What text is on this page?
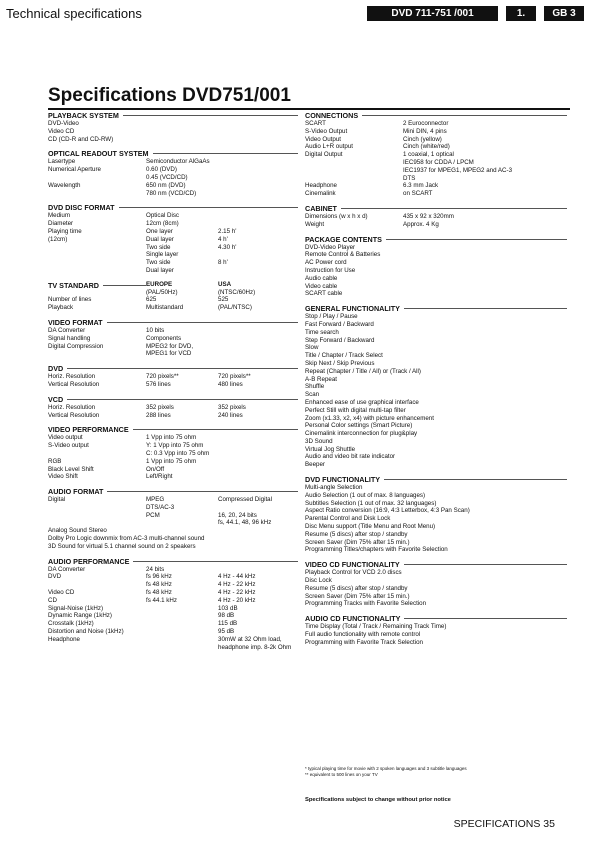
Technical specifications	DVD 711-751 /001	1.	GB 3
Specifications DVD751/001
PLAYBACK SYSTEM
DVD-Video
Video CD
CD (CD-R and CD-RW)
OPTICAL READOUT SYSTEM
Lasertype	Semiconductor AlGaAs
Numerical Aperture	0.60 (DVD)
0.45 (VCD/CD)
Wavelength	650 nm (DVD)
780 nm (VCD/CD)
DVD DISC FORMAT
Medium	Optical Disc
Diameter	12cm (8cm)
Playing time	One layer	2.15 h'
(12cm)	Dual layer	4 h'
Two side	4.30 h'
Single layer
Two side	8 h'
Dual layer
TV STANDARD	EUROPE	USA
(PAL/50Hz)	(NTSC/60Hz)
Number of lines	625	525
Playback	Multistandard	(PAL/NTSC)
VIDEO FORMAT
DA Converter	10 bits
Signal handling	Components
Digital Compression	MPEG2 for DVD,
MPEG1 for VCD
DVD
Horiz. Resolution	720 pixels**	720 pixels**
Vertical Resolution	576 lines	480 lines
VCD
Horiz. Resolution	352 pixels	352 pixels
Vertical Resolution	288 lines	240 lines
VIDEO PERFORMANCE
Video output	1 Vpp into 75 ohm
S-Video output	Y: 1 Vpp into 75 ohm
C: 0.3 Vpp into 75 ohm
RGB	1 Vpp into 75 ohm
Black Level Shift	On/Off
Video Shift	Left/Right
AUDIO FORMAT
Digital	MPEG	Compressed Digital
DTS/AC-3
PCM	16, 20, 24 bits
fs, 44.1, 48, 96 kHz
Analog Sound Stereo
Dolby Pro Logic downmix from AC-3 multi-channel sound
3D Sound for virtual 5.1 channel sound on 2 speakers
AUDIO PERFORMANCE
DA Converter	24 bits
DVD	fs 96 kHz	4 Hz - 44 kHz
fs 48 kHz	4 Hz - 22 kHz
Video CD	fs 48 kHz	4 Hz - 22 kHz
CD	fs 44.1 kHz	4 Hz - 20 kHz
Signal-Noise (1kHz)	103 dB
Dynamic Range (1kHz)	98 dB
Crosstalk (1kHz)	115 dB
Distortion and Noise (1kHz)	95 dB
Headphone	30mW at 32 Ohm load,
headphone imp. 8-2k Ohm
CONNECTIONS
SCART	2 Euroconnector
S-Video Output	Mini DIN, 4 pins
Video Output	Cinch (yellow)
Audio L+R output	Cinch (white/red)
Digital Output	1 coaxial, 1 optical
IEC958 for CDDA / LPCM
IEC1937 for MPEG1, MPEG2 and AC-3
DTS
Headphone	6.3 mm Jack
Cinemalink	on SCART
CABINET
Dimensions (w x h x d)	435 x 92 x 320mm
Weight	Approx. 4 Kg
PACKAGE CONTENTS
DVD-Video Player
Remote Control & Batteries
AC Power cord
Instruction for Use
Audio cable
Video cable
SCART cable
GENERAL FUNCTIONALITY
Stop / Play / Pause
Fast Forward / Backward
Time search
Step Forward / Backward
Slow
Title / Chapter / Track Select
Skip Next / Skip Previous
Repeat (Chapter / Title / All) or (Track / All)
A-B Repeat
Shuffle
Scan
Enhanced ease of use graphical interface
Perfect Still with digital multi-tap filter
Zoom (x1.33, x2, x4) with picture enhancement
Personal Color settings (Smart Picture)
Cinemalink interconnection for plug&play
3D Sound
Virtual Jog Shuttle
Audio and video bit rate indicator
Beeper
DVD FUNCTIONALITY
Multi-angle Selection
Audio Selection (1 out of max. 8 languages)
Subtitles Selection (1 out of max. 32 languages)
Aspect Ratio conversion (16:9, 4:3 Letterbox, 4:3 Pan Scan)
Parental Control and Disk Lock
Disc Menu support (Title Menu and Root Menu)
Resume (5 discs) after stop / standby
Screen Saver (Dim 75% after 15 min.)
Programming Titles/chapters with Favorite Selection
VIDEO CD FUNCTIONALITY
Playback Control for VCD 2.0 discs
Disc Lock
Resume (5 discs) after stop / standby
Screen Saver (Dim 75% after 15 min.)
Programming Tracks with Favorite Selection
AUDIO CD FUNCTIONALITY
Time Display (Total / Track / Remaining Track Time)
Full audio functionality with remote control
Programming with Favorite Track Selection
* typical playing time for movie with 2 spoken languages and 3 subtitle languages
** equivalent to 500 lines on your TV
Specifications subject to change without prior notice
SPECIFICATIONS 35
